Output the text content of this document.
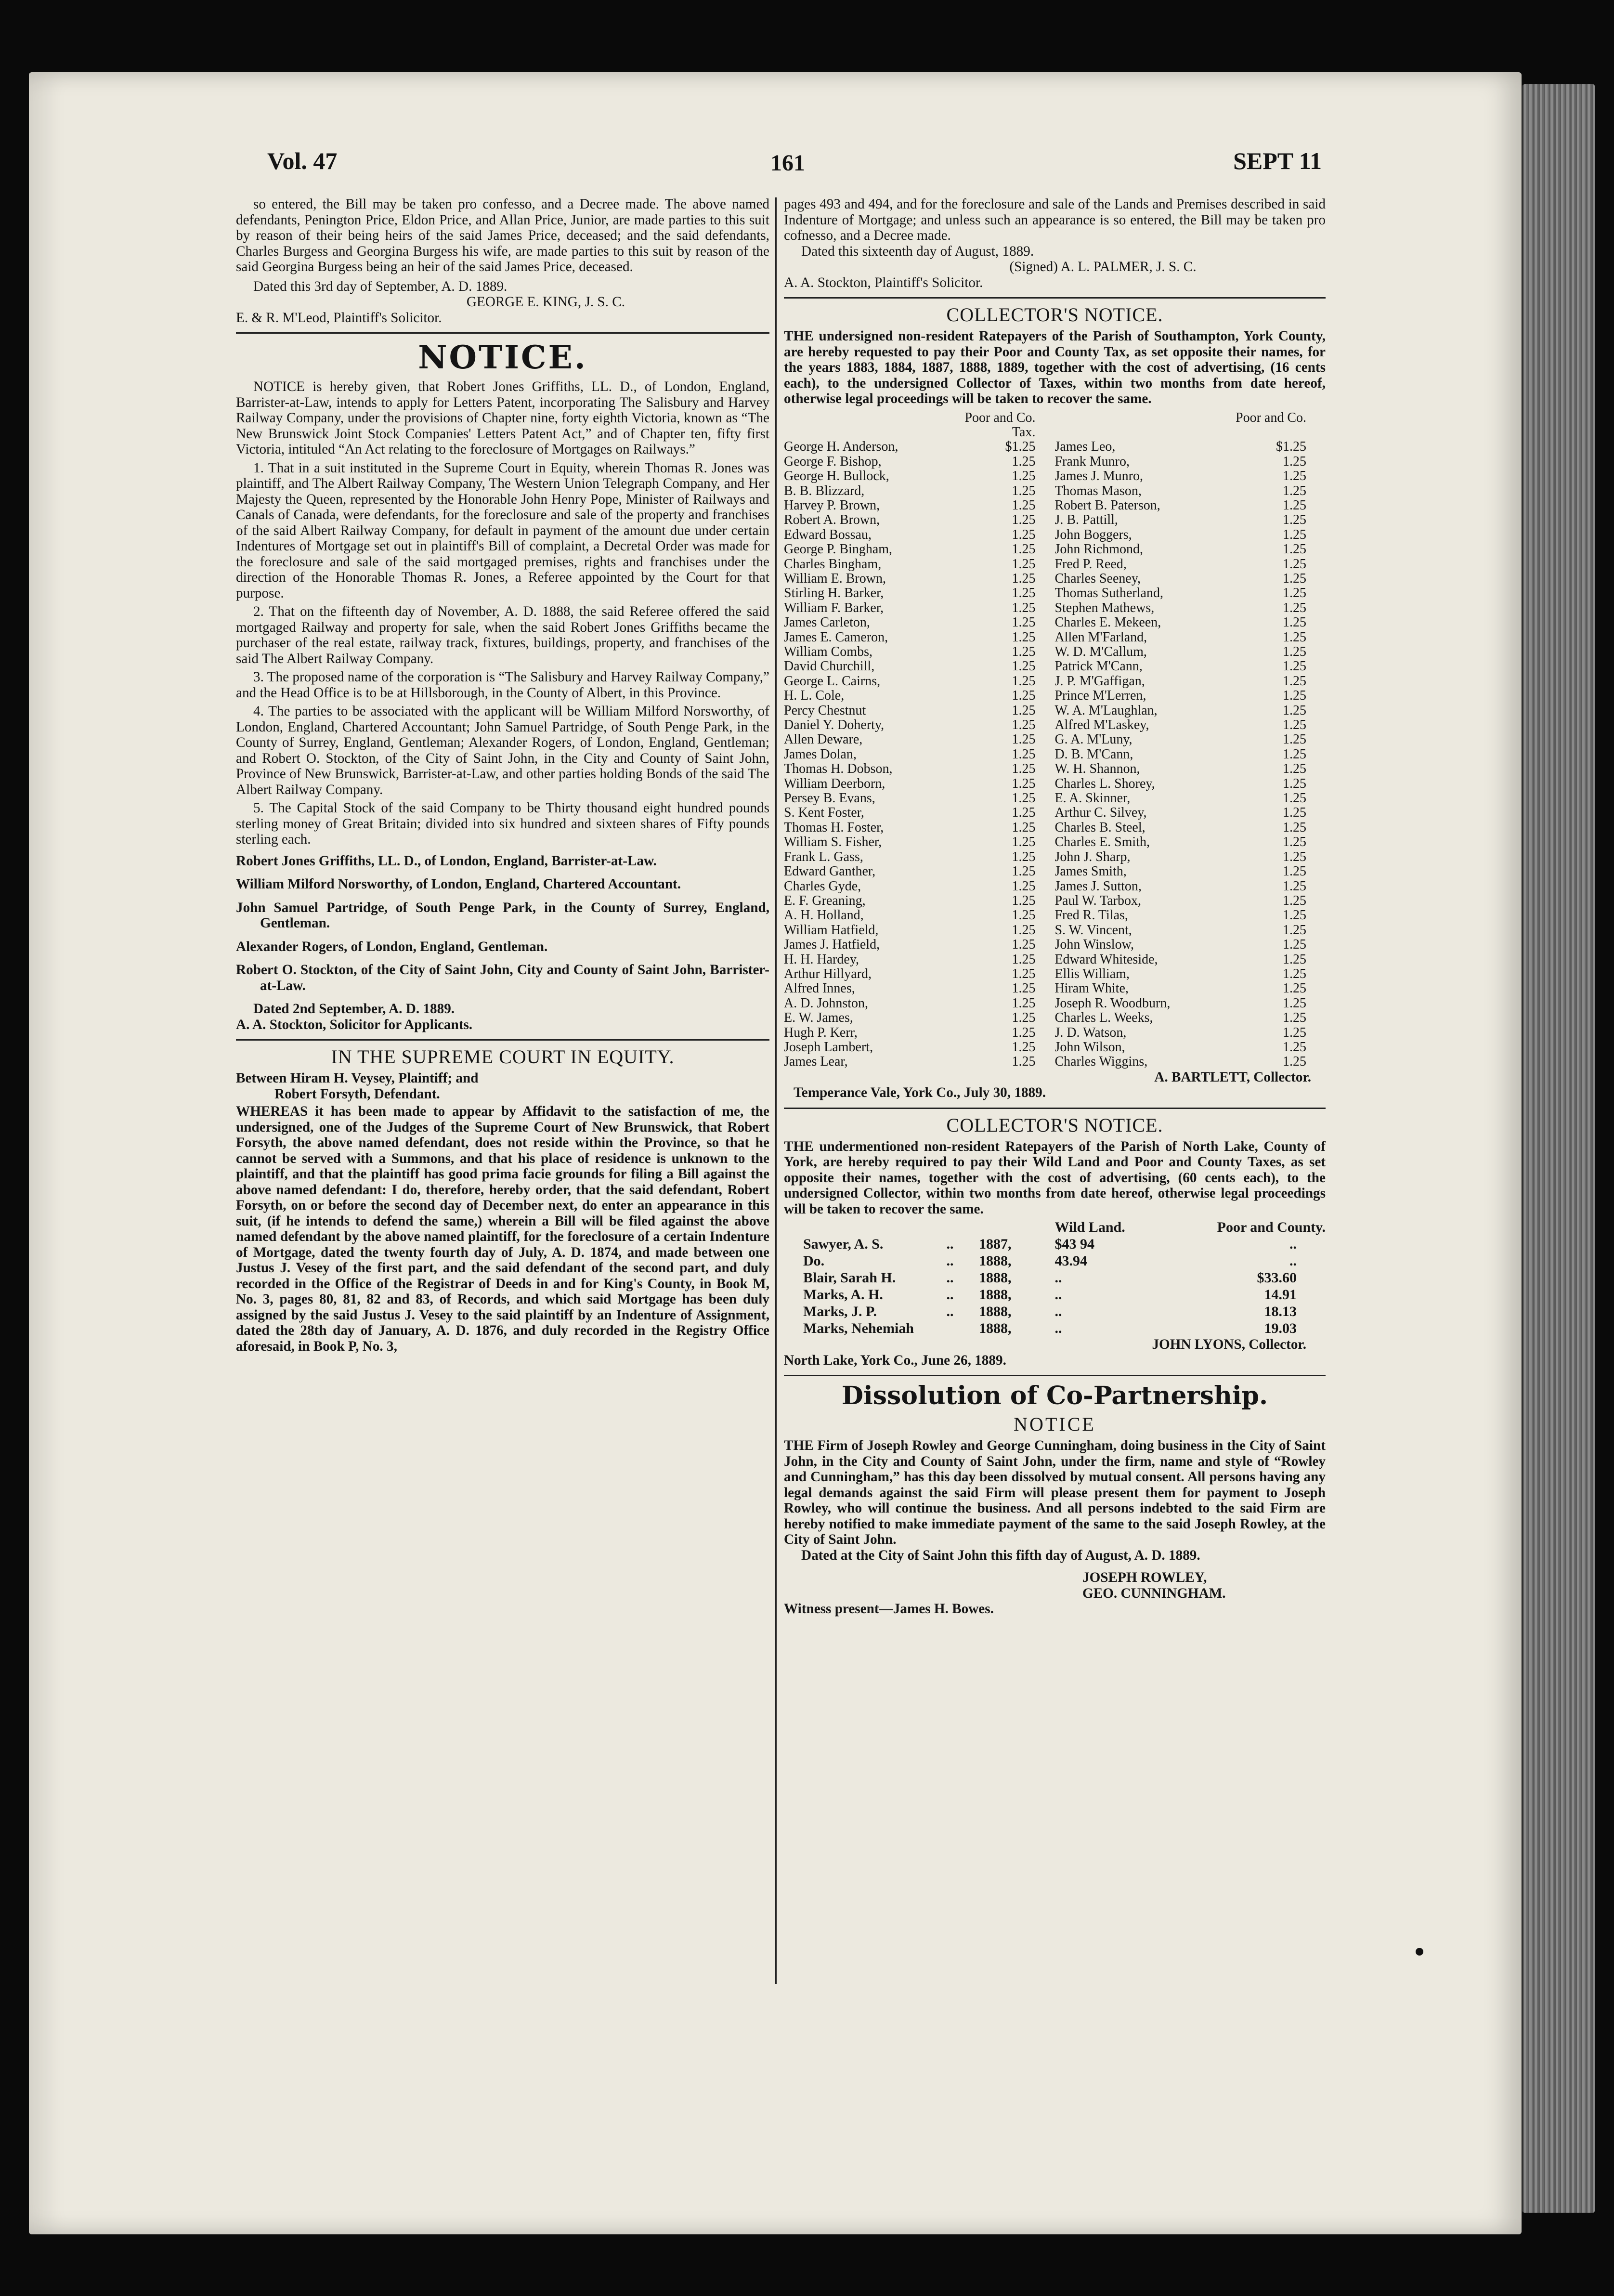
Vol. 47	161	SEPT 11

so entered, the Bill may be taken pro confesso, and a Decree made. The above named defendants, Penington Price, Eldon Price, and Allan Price, Junior, are made parties to this suit by reason of their being heirs of the said James Price, deceased; and the said defendants, Charles Burgess and Georgina Burgess his wife, are made parties to this suit by reason of the said Georgina Burgess being an heir of the said James Price, deceased.

Dated this 3rd day of September, A. D. 1889.

GEORGE E. KING, J. S. C.

E. & R. M'Leod, Plaintiff's Solicitor.

NOTICE.

NOTICE is hereby given, that Robert Jones Griffiths, LL. D., of London, England, Barrister-at-Law, intends to apply for Letters Patent, incorporating The Salisbury and Harvey Railway Company, under the provisions of Chapter nine, forty eighth Victoria, known as “The New Brunswick Joint Stock Companies' Letters Patent Act,” and of Chapter ten, fifty first Victoria, intituled “An Act relating to the foreclosure of Mortgages on Railways.”

1. That in a suit instituted in the Supreme Court in Equity, wherein Thomas R. Jones was plaintiff, and The Albert Railway Company, The Western Union Telegraph Company, and Her Majesty the Queen, represented by the Honorable John Henry Pope, Minister of Railways and Canals of Canada, were defendants, for the foreclosure and sale of the property and franchises of the said Albert Railway Company, for default in payment of the amount due under certain Indentures of Mortgage set out in plaintiff's Bill of complaint, a Decretal Order was made for the foreclosure and sale of the said mortgaged premises, rights and franchises under the direction of the Honorable Thomas R. Jones, a Referee appointed by the Court for that purpose.

2. That on the fifteenth day of November, A. D. 1888, the said Referee offered the said mortgaged Railway and property for sale, when the said Robert Jones Griffiths became the purchaser of the real estate, railway track, fixtures, buildings, property, and franchises of the said The Albert Railway Company.

3. The proposed name of the corporation is “The Salisbury and Harvey Railway Company,” and the Head Office is to be at Hillsborough, in the County of Albert, in this Province.

4. The parties to be associated with the applicant will be William Milford Norsworthy, of London, England, Chartered Accountant; John Samuel Partridge, of South Penge Park, in the County of Surrey, England, Gentleman; Alexander Rogers, of London, England, Gentleman; and Robert O. Stockton, of the City of Saint John, in the City and County of Saint John, Province of New Brunswick, Barrister-at-Law, and other parties holding Bonds of the said The Albert Railway Company.

5. The Capital Stock of the said Company to be Thirty thousand eight hundred pounds sterling money of Great Britain; divided into six hundred and sixteen shares of Fifty pounds sterling each.

Robert Jones Griffiths, LL. D., of London, England, Barrister-at-Law.

William Milford Norsworthy, of London, England, Chartered Accountant.

John Samuel Partridge, of South Penge Park, in the County of Surrey, England, Gentleman.

Alexander Rogers, of London, England, Gentleman.

Robert O. Stockton, of the City of Saint John, City and County of Saint John, Barrister-at-Law.

Dated 2nd September, A. D. 1889.

A. A. Stockton, Solicitor for Applicants.

IN THE SUPREME COURT IN EQUITY.

Between Hiram H. Veysey, Plaintiff; and

Robert Forsyth, Defendant.

WHEREAS it has been made to appear by Affidavit to the satisfaction of me, the undersigned, one of the Judges of the Supreme Court of New Brunswick, that Robert Forsyth, the above named defendant, does not reside within the Province, so that he cannot be served with a Summons, and that his place of residence is unknown to the plaintiff, and that the plaintiff has good prima facie grounds for filing a Bill against the above named defendant: I do, therefore, hereby order, that the said defendant, Robert Forsyth, on or before the second day of December next, do enter an appearance in this suit, (if he intends to defend the same,) wherein a Bill will be filed against the above named defendant by the above named plaintiff, for the foreclosure of a certain Indenture of Mortgage, dated the twenty fourth day of July, A. D. 1874, and made between one Justus J. Vesey of the first part, and the said defendant of the second part, and duly recorded in the Office of the Registrar of Deeds in and for King's County, in Book M, No. 3, pages 80, 81, 82 and 83, of Records, and which said Mortgage has been duly assigned by the said Justus J. Vesey to the said plaintiff by an Indenture of Assignment, dated the 28th day of January, A. D. 1876, and duly recorded in the Registry Office aforesaid, in Book P, No. 3,

pages 493 and 494, and for the foreclosure and sale of the Lands and Premises described in said Indenture of Mortgage; and unless such an appearance is so entered, the Bill may be taken pro cofnesso, and a Decree made.

Dated this sixteenth day of August, 1889.

(Signed) A. L. PALMER, J. S. C.

A. A. Stockton, Plaintiff's Solicitor.

COLLECTOR'S NOTICE.

THE undersigned non-resident Ratepayers of the Parish of Southampton, York County, are hereby requested to pay their Poor and County Tax, as set opposite their names, for the years 1883, 1884, 1887, 1888, 1889, together with the cost of advertising, (16 cents each), to the undersigned Collector of Taxes, within two months from date hereof, otherwise legal proceedings will be taken to recover the same.

	Poor and Co.		Poor and Co.
	Tax.		
George H. Anderson,	$1.25	James Leo,	$1.25
George F. Bishop,	1.25	Frank Munro,	1.25
George H. Bullock,	1.25	James J. Munro,	1.25
B. B. Blizzard,	1.25	Thomas Mason,	1.25
Harvey P. Brown,	1.25	Robert B. Paterson,	1.25
Robert A. Brown,	1.25	J. B. Pattill,	1.25
Edward Bossau,	1.25	John Boggers,	1.25
George P. Bingham,	1.25	John Richmond,	1.25
Charles Bingham,	1.25	Fred P. Reed,	1.25
William E. Brown,	1.25	Charles Seeney,	1.25
Stirling H. Barker,	1.25	Thomas Sutherland,	1.25
William F. Barker,	1.25	Stephen Mathews,	1.25
James Carleton,	1.25	Charles E. Mekeen,	1.25
James E. Cameron,	1.25	Allen M'Farland,	1.25
William Combs,	1.25	W. D. M'Callum,	1.25
David Churchill,	1.25	Patrick M'Cann,	1.25
George L. Cairns,	1.25	J. P. M'Gaffigan,	1.25
H. L. Cole,	1.25	Prince M'Lerren,	1.25
Percy Chestnut	1.25	W. A. M'Laughlan,	1.25
Daniel Y. Doherty,	1.25	Alfred M'Laskey,	1.25
Allen Deware,	1.25	G. A. M'Luny,	1.25
James Dolan,	1.25	D. B. M'Cann,	1.25
Thomas H. Dobson,	1.25	W. H. Shannon,	1.25
William Deerborn,	1.25	Charles L. Shorey,	1.25
Persey B. Evans,	1.25	E. A. Skinner,	1.25
S. Kent Foster,	1.25	Arthur C. Silvey,	1.25
Thomas H. Foster,	1.25	Charles B. Steel,	1.25
William S. Fisher,	1.25	Charles E. Smith,	1.25
Frank L. Gass,	1.25	John J. Sharp,	1.25
Edward Ganther,	1.25	James Smith,	1.25
Charles Gyde,	1.25	James J. Sutton,	1.25
E. F. Greaning,	1.25	Paul W. Tarbox,	1.25
A. H. Holland,	1.25	Fred R. Tilas,	1.25
William Hatfield,	1.25	S. W. Vincent,	1.25
James J. Hatfield,	1.25	John Winslow,	1.25
H. H. Hardey,	1.25	Edward Whiteside,	1.25
Arthur Hillyard,	1.25	Ellis William,	1.25
Alfred Innes,	1.25	Hiram White,	1.25
A. D. Johnston,	1.25	Joseph R. Woodburn,	1.25
E. W. James,	1.25	Charles L. Weeks,	1.25
Hugh P. Kerr,	1.25	J. D. Watson,	1.25
Joseph Lambert,	1.25	John Wilson,	1.25
James Lear,	1.25	Charles Wiggins,	1.25

A. BARTLETT, Collector.

Temperance Vale, York Co., July 30, 1889.

COLLECTOR'S NOTICE.

THE undermentioned non-resident Ratepayers of the Parish of North Lake, County of York, are hereby required to pay their Wild Land and Poor and County Taxes, as set opposite their names, together with the cost of advertising, (60 cents each), to the undersigned Collector, within two months from date hereof, otherwise legal proceedings will be taken to recover the same.

			Wild Land.	Poor and County.
Sawyer, A. S.	..	1887,	$43 94	..
Do.	..	1888,	43.94	..
Blair, Sarah H.	..	1888,	..	$33.60
Marks, A. H.	..	1888,	..	14.91
Marks, J. P.	..	1888,	..	18.13
Marks, Nehemiah		1888,	..	19.03

JOHN LYONS, Collector.

North Lake, York Co., June 26, 1889.

Dissolution of Co-Partnership.
NOTICE

THE Firm of Joseph Rowley and George Cunningham, doing business in the City of Saint John, in the City and County of Saint John, under the firm, name and style of “Rowley and Cunningham,” has this day been dissolved by mutual consent. All persons having any legal demands against the said Firm will please present them for payment to Joseph Rowley, who will continue the business. And all persons indebted to the said Firm are hereby notified to make immediate payment of the same to the said Joseph Rowley, at the City of Saint John.

Dated at the City of Saint John this fifth day of August, A. D. 1889.

JOSEPH ROWLEY,

GEO. CUNNINGHAM.

Witness present—James H. Bowes.
